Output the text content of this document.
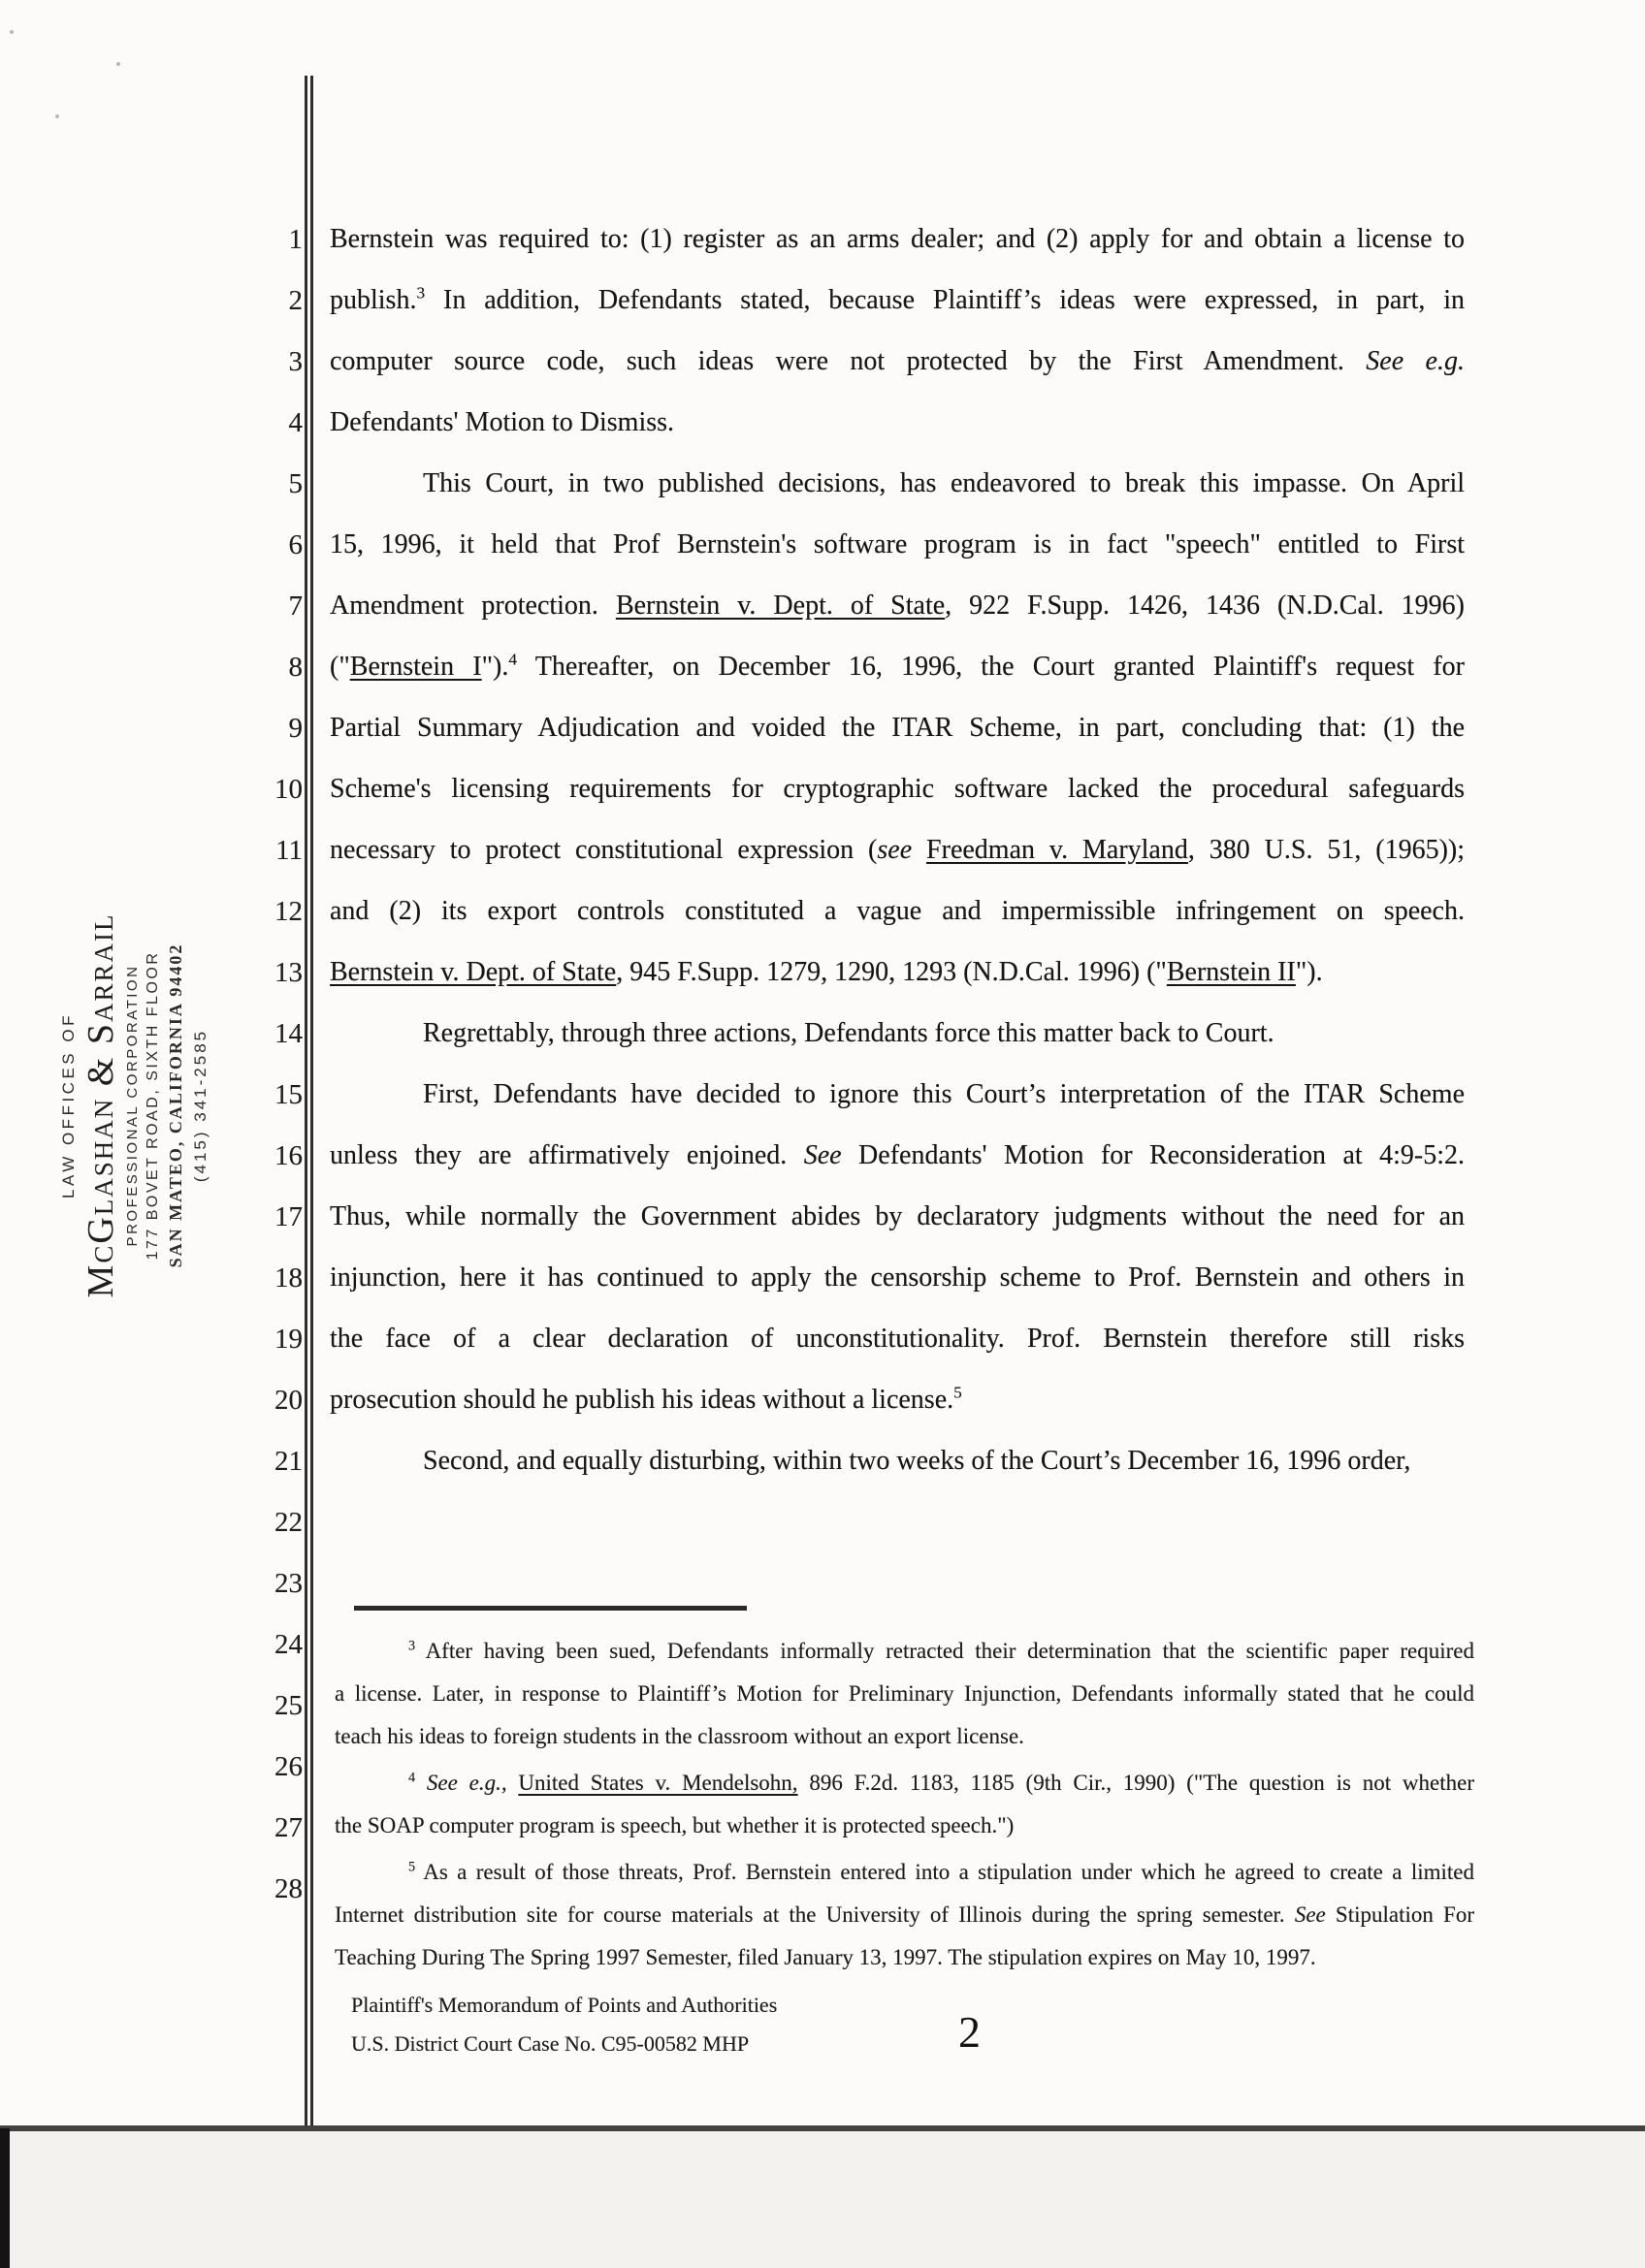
LAW OFFICES OF McGlashan & Sarrail PROFESSIONAL CORPORATION 177 BOVET ROAD, SIXTH FLOOR SAN MATEO, CALIFORNIA 94402 (415) 341-2585
1
2
3
4
5
6
7
8
9
10
11
12
13
14
15
16
17
18
19
20
21
22
23
24
25
26
27
28
Bernstein was required to: (1) register as an arms dealer; and (2) apply for and obtain a license to
publish.$^3$ In addition, Defendants stated, because Plaintiff’s ideas were expressed, in part, in
computer source code, such ideas were not protected by the First Amendment. See e.g.
Defendants' Motion to Dismiss.
This Court, in two published decisions, has endeavored to break this impasse. On April
15, 1996, it held that Prof Bernstein's software program is in fact "speech" entitled to First
Amendment protection. Bernstein v. Dept. of State, 922 F.Supp. 1426, 1436 (N.D.Cal. 1996)
("Bernstein I").$^4$ Thereafter, on December 16, 1996, the Court granted Plaintiff's request for
Partial Summary Adjudication and voided the ITAR Scheme, in part, concluding that: (1) the
Scheme's licensing requirements for cryptographic software lacked the procedural safeguards
necessary to protect constitutional expression (see Freedman v. Maryland, 380 U.S. 51, (1965));
and (2) its export controls constituted a vague and impermissible infringement on speech.
Bernstein v. Dept. of State, 945 F.Supp. 1279, 1290, 1293 (N.D.Cal. 1996) ("Bernstein II").
Regrettably, through three actions, Defendants force this matter back to Court.
First, Defendants have decided to ignore this Court’s interpretation of the ITAR Scheme
unless they are affirmatively enjoined. See Defendants' Motion for Reconsideration at 4:9-5:2.
Thus, while normally the Government abides by declaratory judgments without the need for an
injunction, here it has continued to apply the censorship scheme to Prof. Bernstein and others in
the face of a clear declaration of unconstitutionality. Prof. Bernstein therefore still risks
prosecution should he publish his ideas without a license.$^5$
Second, and equally disturbing, within two weeks of the Court’s December 16, 1996 order,
$^3$ After having been sued, Defendants informally retracted their determination that the scientific paper required
a license. Later, in response to Plaintiff’s Motion for Preliminary Injunction, Defendants informally stated that he could
teach his ideas to foreign students in the classroom without an export license.
$^4$ See e.g., United States v. Mendelsohn, 896 F.2d. 1183, 1185 (9th Cir., 1990) ("The question is not whether
the SOAP computer program is speech, but whether it is protected speech.")
$^5$ As a result of those threats, Prof. Bernstein entered into a stipulation under which he agreed to create a limited
Internet distribution site for course materials at the University of Illinois during the spring semester. See Stipulation For
Teaching During The Spring 1997 Semester, filed January 13, 1997. The stipulation expires on May 10, 1997.
Plaintiff's Memorandum of Points and Authorities
U.S. District Court Case No. C95-00582 MHP	2
